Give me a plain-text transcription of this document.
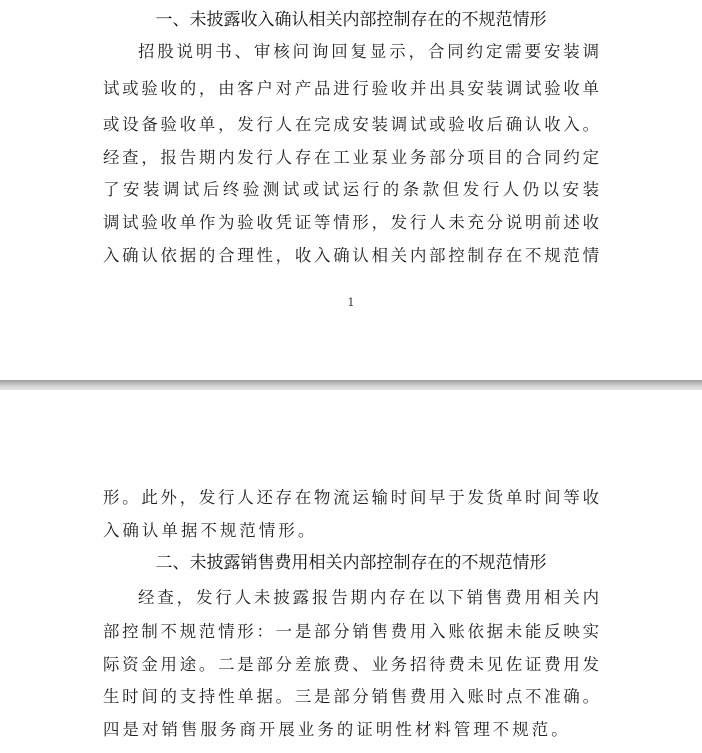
一、未披露收入确认相关内部控制存在的不规范情形
招股说明书、审核问询回复显示，合同约定需要安装调
试或验收的，由客户对产品进行验收并出具安装调试验收单
或设备验收单，发行人在完成安装调试或验收后确认收入。
经查，报告期内发行人存在工业泵业务部分项目的合同约定
了安装调试后终验测试或试运行的条款但发行人仍以安装
调试验收单作为验收凭证等情形，发行人未充分说明前述收
入确认依据的合理性，收入确认相关内部控制存在不规范情
1
形。此外，发行人还存在物流运输时间早于发货单时间等收
入确认单据不规范情形。
二、未披露销售费用相关内部控制存在的不规范情形
经查，发行人未披露报告期内存在以下销售费用相关内
部控制不规范情形：一是部分销售费用入账依据未能反映实
际资金用途。二是部分差旅费、业务招待费未见佐证费用发
生时间的支持性单据。三是部分销售费用入账时点不准确。
四是对销售服务商开展业务的证明性材料管理不规范。
